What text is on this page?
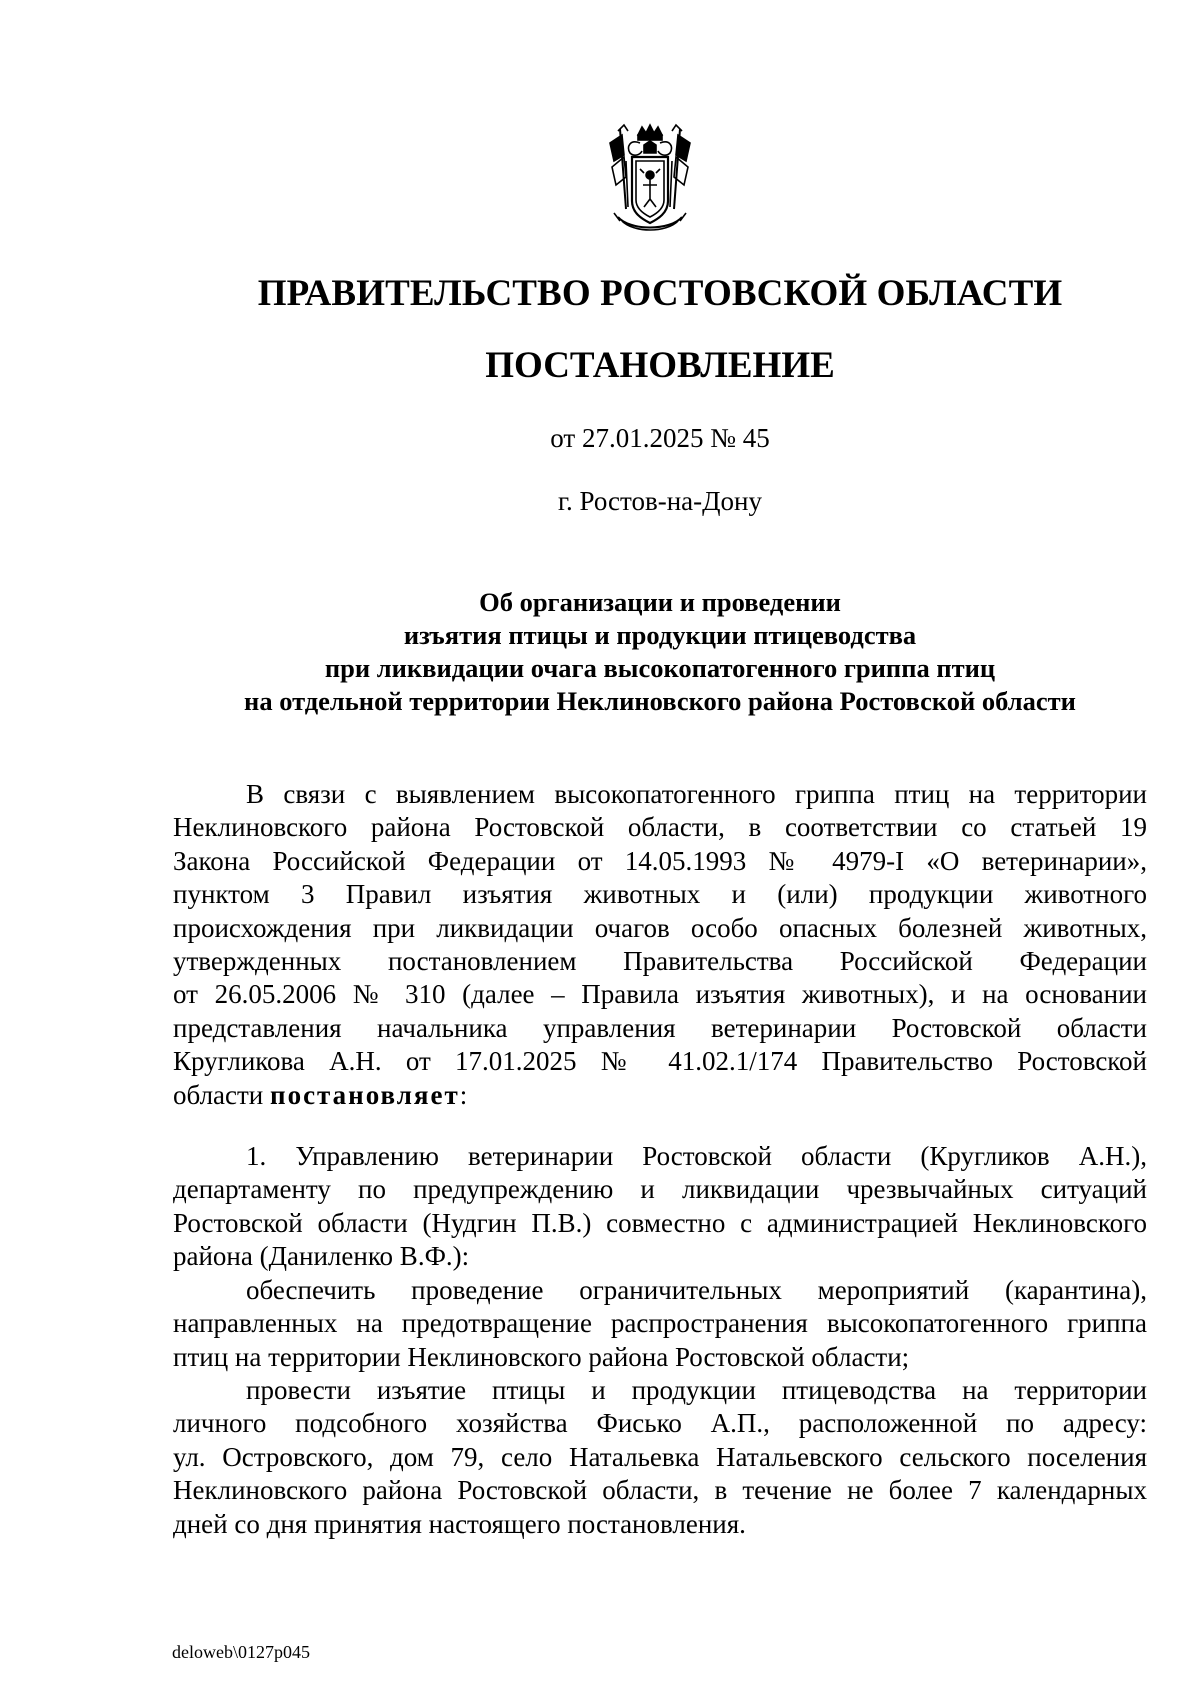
ПРАВИТЕЛЬСТВО РОСТОВСКОЙ ОБЛАСТИ
ПОСТАНОВЛЕНИЕ
от 27.01.2025 № 45
г. Ростов-на-Дону
Об организации и проведении
изъятия птицы и продукции птицеводства
при ликвидации очага высокопатогенного гриппа птиц
на отдельной территории Неклиновского района Ростовской области
В связи с выявлением высокопатогенного гриппа птиц на территории
Неклиновского района Ростовской области, в соответствии со статьей 19
Закона Российской Федерации от 14.05.1993 № 4979-I «О ветеринарии»,
пунктом 3 Правил изъятия животных и (или) продукции животного
происхождения при ликвидации очагов особо опасных болезней животных,
утвержденных постановлением Правительства Российской Федерации
от 26.05.2006 № 310 (далее – Правила изъятия животных), и на основании
представления начальника управления ветеринарии Ростовской области
Кругликова А.Н. от 17.01.2025 № 41.02.1/174 Правительство Ростовской
области постановляет:
1. Управлению ветеринарии Ростовской области (Кругликов А.Н.),
департаменту по предупреждению и ликвидации чрезвычайных ситуаций
Ростовской области (Нудгин П.В.) совместно с администрацией Неклиновского
района (Даниленко В.Ф.):
обеспечить проведение ограничительных мероприятий (карантина),
направленных на предотвращение распространения высокопатогенного гриппа
птиц на территории Неклиновского района Ростовской области;
провести изъятие птицы и продукции птицеводства на территории
личного подсобного хозяйства Фисько А.П., расположенной по адресу:
ул. Островского, дом 79, село Натальевка Натальевского сельского поселения
Неклиновского района Ростовской области, в течение не более 7 календарных
дней со дня принятия настоящего постановления.
deloweb\0127p045
